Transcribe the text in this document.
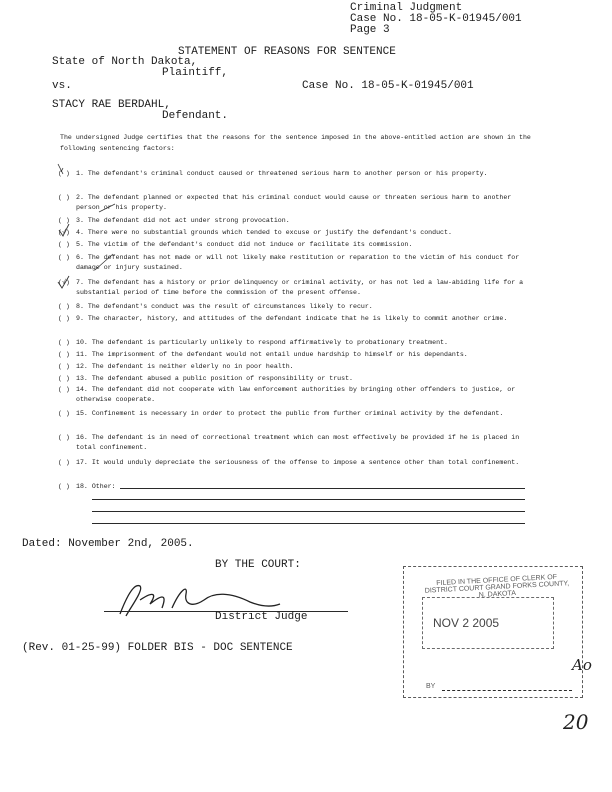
Criminal Judgment
Case No. 18-05-K-01945/001
Page 3
STATEMENT OF REASONS FOR SENTENCE
State of North Dakota,
Plaintiff,
vs.	Case No. 18-05-K-01945/001
STACY RAE BERDAHL,
Defendant.
The undersigned Judge certifies that the reasons for the sentence imposed in the above-entitled action are shown in the following sentencing factors:
( ) 1. The defendant's criminal conduct caused or threatened serious harm to another person or his property.
( ) 2. The defendant planned or expected that his criminal conduct would cause or threaten serious harm to another person or his property.
( ) 3. The defendant did not act under strong provocation.
(√) 4. There were no substantial grounds which tended to excuse or justify the defendant's conduct.
( ) 5. The victim of the defendant's conduct did not induce or facilitate its commission.
( ) 6. The defendant has not made or will not likely make restitution or reparation to the victim of his conduct for damage or injury sustained.
(√) 7. The defendant has a history or prior delinquency or criminal activity, or has not led a law-abiding life for a substantial period of time before the commission of the present offense.
( ) 8. The defendant's conduct was the result of circumstances likely to recur.
( ) 9. The character, history, and attitudes of the defendant indicate that he is likely to commit another crime.
( ) 10. The defendant is particularly unlikely to respond affirmatively to probationary treatment.
( ) 11. The imprisonment of the defendant would not entail undue hardship to himself or his dependants.
( ) 12. The defendant is neither elderly no in poor health.
( ) 13. The defendant abused a public position of responsibility or trust.
( ) 14. The defendant did not cooperate with law enforcement authorities by bringing other offenders to justice, or otherwise cooperate.
( ) 15. Confinement is necessary in order to protect the public from further criminal activity by the defendant.
( ) 16. The defendant is in need of correctional treatment which can most effectively be provided if he is placed in total confinement.
( ) 17. It would unduly depreciate the seriousness of the offense to impose a sentence other than total confinement.
( ) 18. Other:
Dated: November 2nd, 2005.
BY THE COURT:
District Judge
(Rev. 01-25-99) FOLDER BIS - DOC SENTENCE
FILED IN THE OFFICE OF CLERK OF DISTRICT COURT GRAND FORKS COUNTY, N. DAKOTA
NOV 2 2005
BY
Ao
20
